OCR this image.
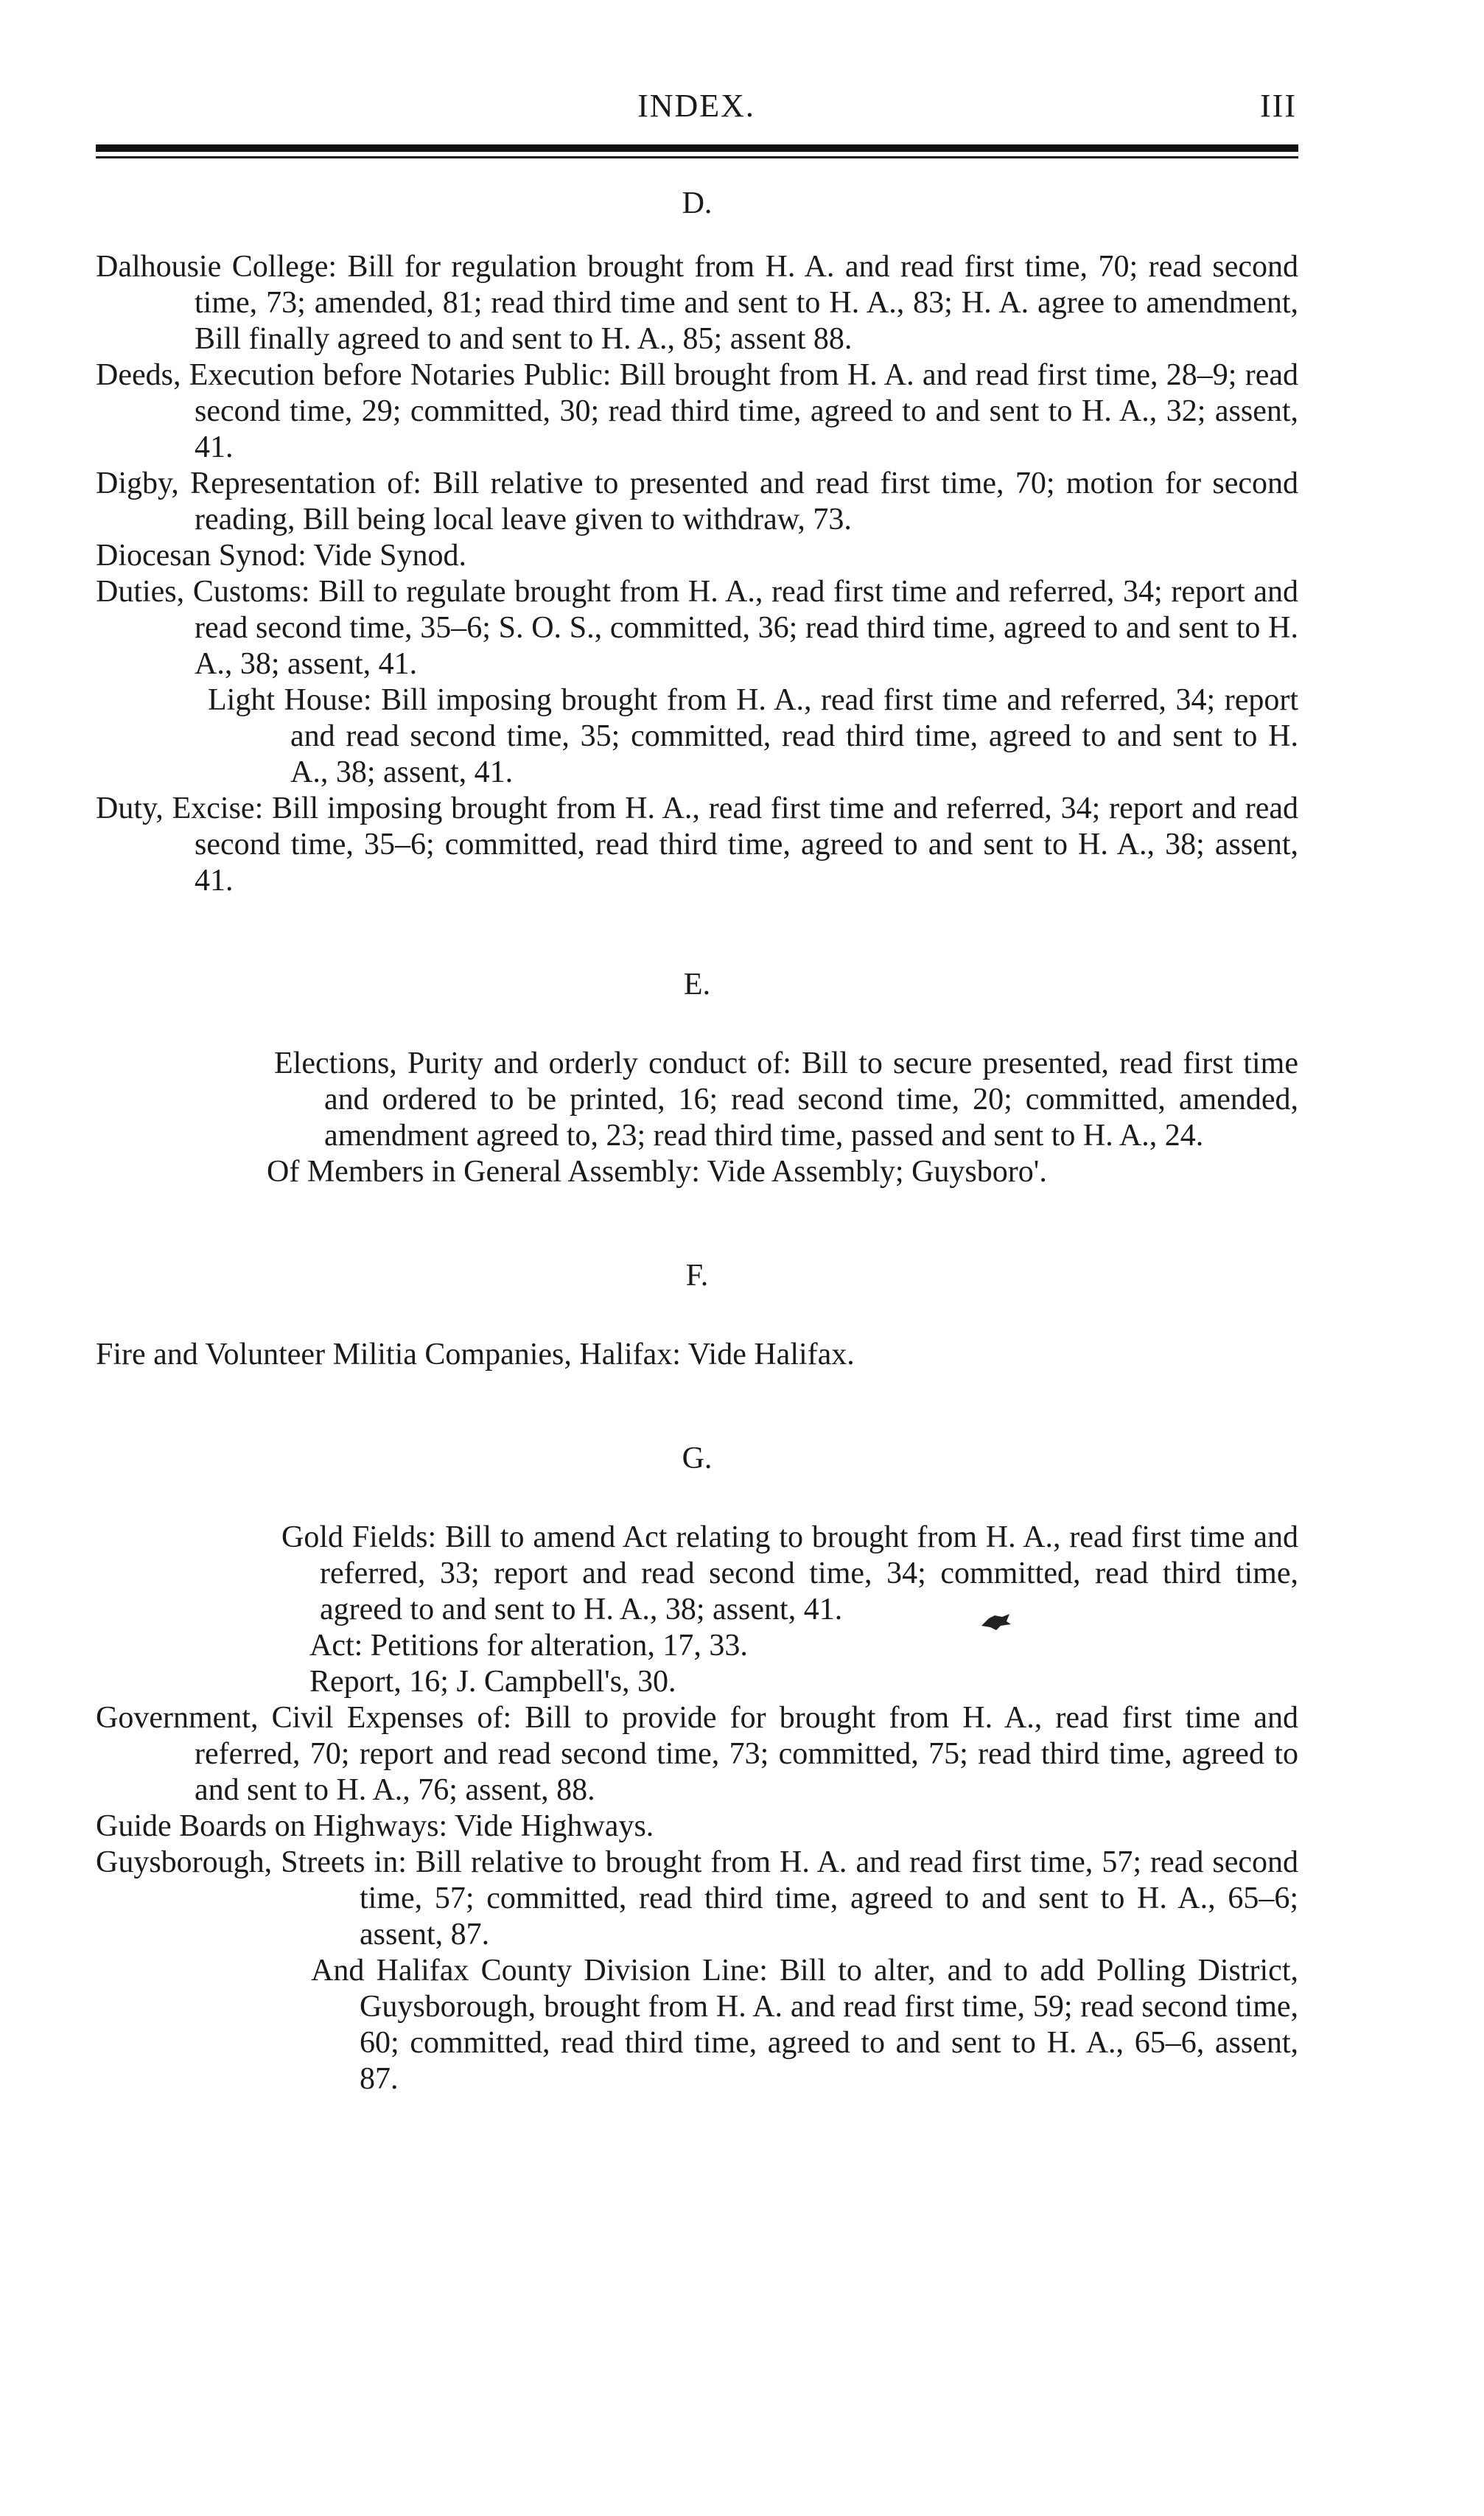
INDEX.	III

D.

Dalhousie College: Bill for regulation brought from H. A. and read first time, 70; read second time, 73; amended, 81; read third time and sent to H. A., 83; H. A. agree to amendment, Bill finally agreed to and sent to H. A., 85; assent 88.

Deeds, Execution before Notaries Public: Bill brought from H. A. and read first time, 28–9; read second time, 29; committed, 30; read third time, agreed to and sent to H. A., 32; assent, 41.

Digby, Representation of: Bill relative to presented and read first time, 70; motion for second reading, Bill being local leave given to withdraw, 73.

Diocesan Synod: Vide Synod.

Duties, Customs: Bill to regulate brought from H. A., read first time and referred, 34; report and read second time, 35–6; S. O. S., committed, 36; read third time, agreed to and sent to H. A., 38; assent, 41.

Light House: Bill imposing brought from H. A., read first time and referred, 34; report and read second time, 35; committed, read third time, agreed to and sent to H. A., 38; assent, 41.

Duty, Excise: Bill imposing brought from H. A., read first time and referred, 34; report and read second time, 35–6; committed, read third time, agreed to and sent to H. A., 38; assent, 41.

E.

Elections, Purity and orderly conduct of: Bill to secure presented, read first time and ordered to be printed, 16; read second time, 20; committed, amended, amendment agreed to, 23; read third time, passed and sent to H. A., 24.

Of Members in General Assembly: Vide Assembly; Guysboro'.

F.

Fire and Volunteer Militia Companies, Halifax: Vide Halifax.

G.

Gold Fields: Bill to amend Act relating to brought from H. A., read first time and referred, 33; report and read second time, 34; committed, read third time, agreed to and sent to H. A., 38; assent, 41.

Act: Petitions for alteration, 17, 33.

Report, 16; J. Campbell's, 30.

Government, Civil Expenses of: Bill to provide for brought from H. A., read first time and referred, 70; report and read second time, 73; committed, 75; read third time, agreed to and sent to H. A., 76; assent, 88.

Guide Boards on Highways: Vide Highways.

Guysborough, Streets in: Bill relative to brought from H. A. and read first time, 57; read second time, 57; committed, read third time, agreed to and sent to H. A., 65–6; assent, 87.

And Halifax County Division Line: Bill to alter, and to add Polling District, Guysborough, brought from H. A. and read first time, 59; read second time, 60; committed, read third time, agreed to and sent to H. A., 65–6, assent, 87.
